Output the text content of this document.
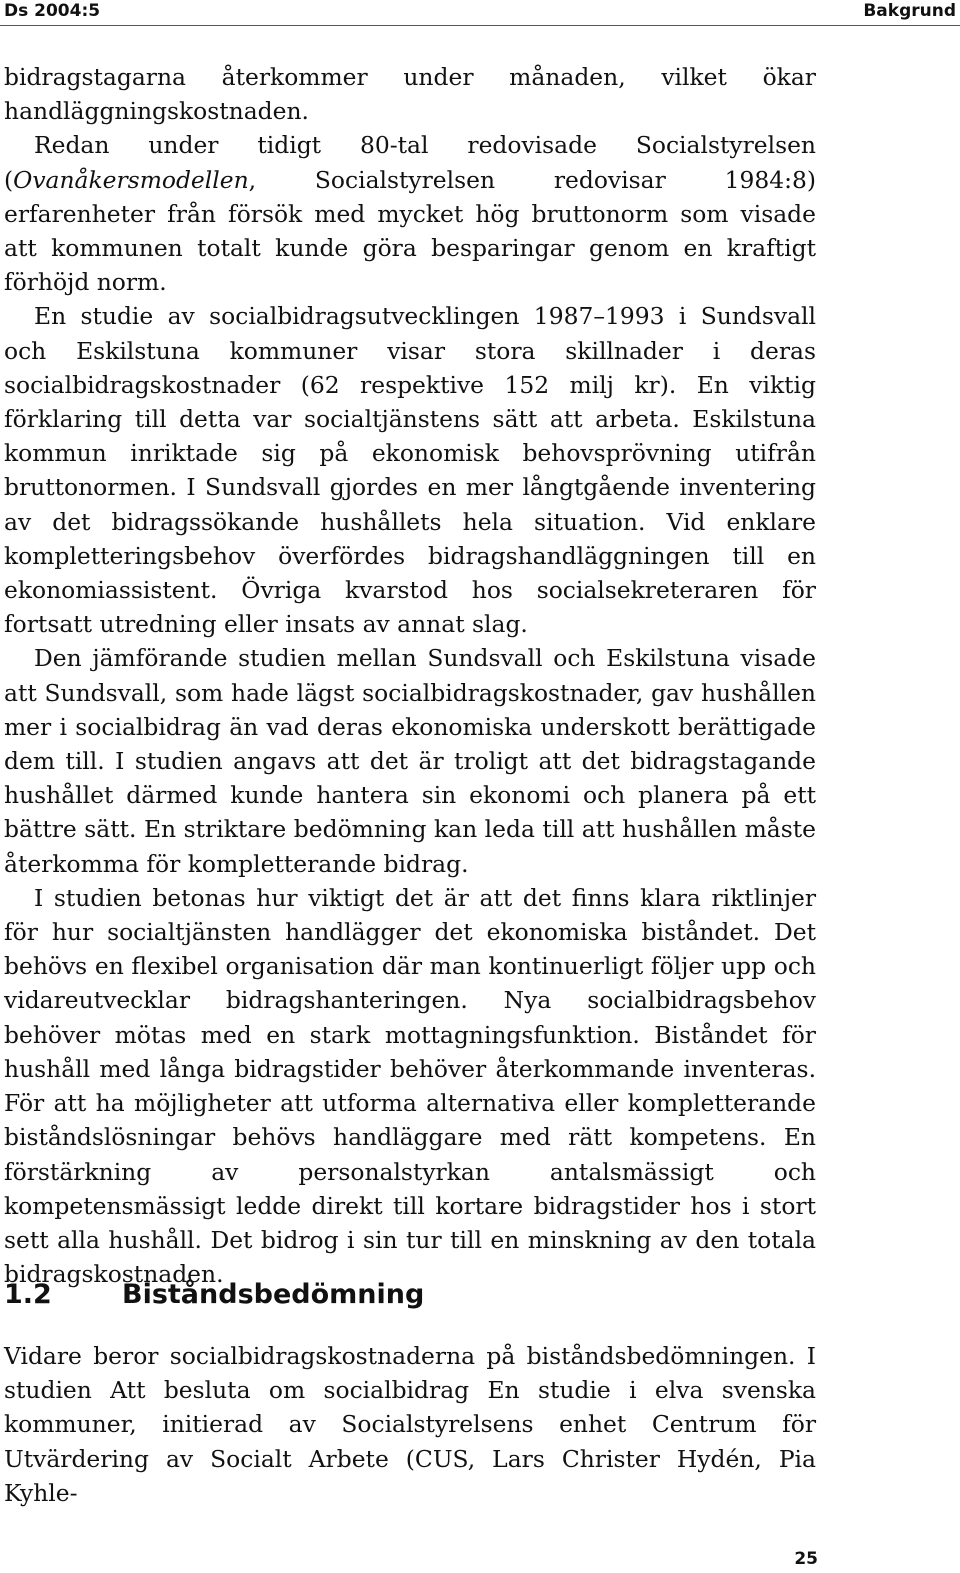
Ds 2004:5	Bakgrund

bidragstagarna återkommer under månaden, vilket ökar handläggningskostnaden.

Redan under tidigt 80-tal redovisade Socialstyrelsen (Ovanåkersmodellen, Socialstyrelsen redovisar 1984:8) erfarenheter från försök med mycket hög bruttonorm som visade att kommunen totalt kunde göra besparingar genom en kraftigt förhöjd norm.

En studie av socialbidragsutvecklingen 1987–1993 i Sundsvall och Eskilstuna kommuner visar stora skillnader i deras socialbidragskostnader (62 respektive 152 milj kr). En viktig förklaring till detta var socialtjänstens sätt att arbeta. Eskilstuna kommun inriktade sig på ekonomisk behovsprövning utifrån bruttonormen. I Sundsvall gjordes en mer långtgående inventering av det bidragssökande hushållets hela situation. Vid enklare kompletteringsbehov överfördes bidragshandläggningen till en ekonomiassistent. Övriga kvarstod hos socialsekreteraren för fortsatt utredning eller insats av annat slag.

Den jämförande studien mellan Sundsvall och Eskilstuna visade att Sundsvall, som hade lägst socialbidragskostnader, gav hushållen mer i socialbidrag än vad deras ekonomiska underskott berättigade dem till. I studien angavs att det är troligt att det bidragstagande hushållet därmed kunde hantera sin ekonomi och planera på ett bättre sätt. En striktare bedömning kan leda till att hushållen måste återkomma för kompletterande bidrag.

I studien betonas hur viktigt det är att det finns klara riktlinjer för hur socialtjänsten handlägger det ekonomiska biståndet. Det behövs en flexibel organisation där man kontinuerligt följer upp och vidareutvecklar bidragshanteringen. Nya socialbidragsbehov behöver mötas med en stark mottagningsfunktion. Biståndet för hushåll med långa bidragstider behöver återkommande inventeras. För att ha möjligheter att utforma alternativa eller kompletterande biståndslösningar behövs handläggare med rätt kompetens. En förstärkning av personalstyrkan antalsmässigt och kompetensmässigt ledde direkt till kortare bidragstider hos i stort sett alla hushåll. Det bidrog i sin tur till en minskning av den totala bidragskostnaden.

1.2	Biståndsbedömning

Vidare beror socialbidragskostnaderna på biståndsbedömningen. I studien Att besluta om socialbidrag En studie i elva svenska kommuner, initierad av Socialstyrelsens enhet Centrum för Utvärdering av Socialt Arbete (CUS, Lars Christer Hydén, Pia Kyhle-

25
